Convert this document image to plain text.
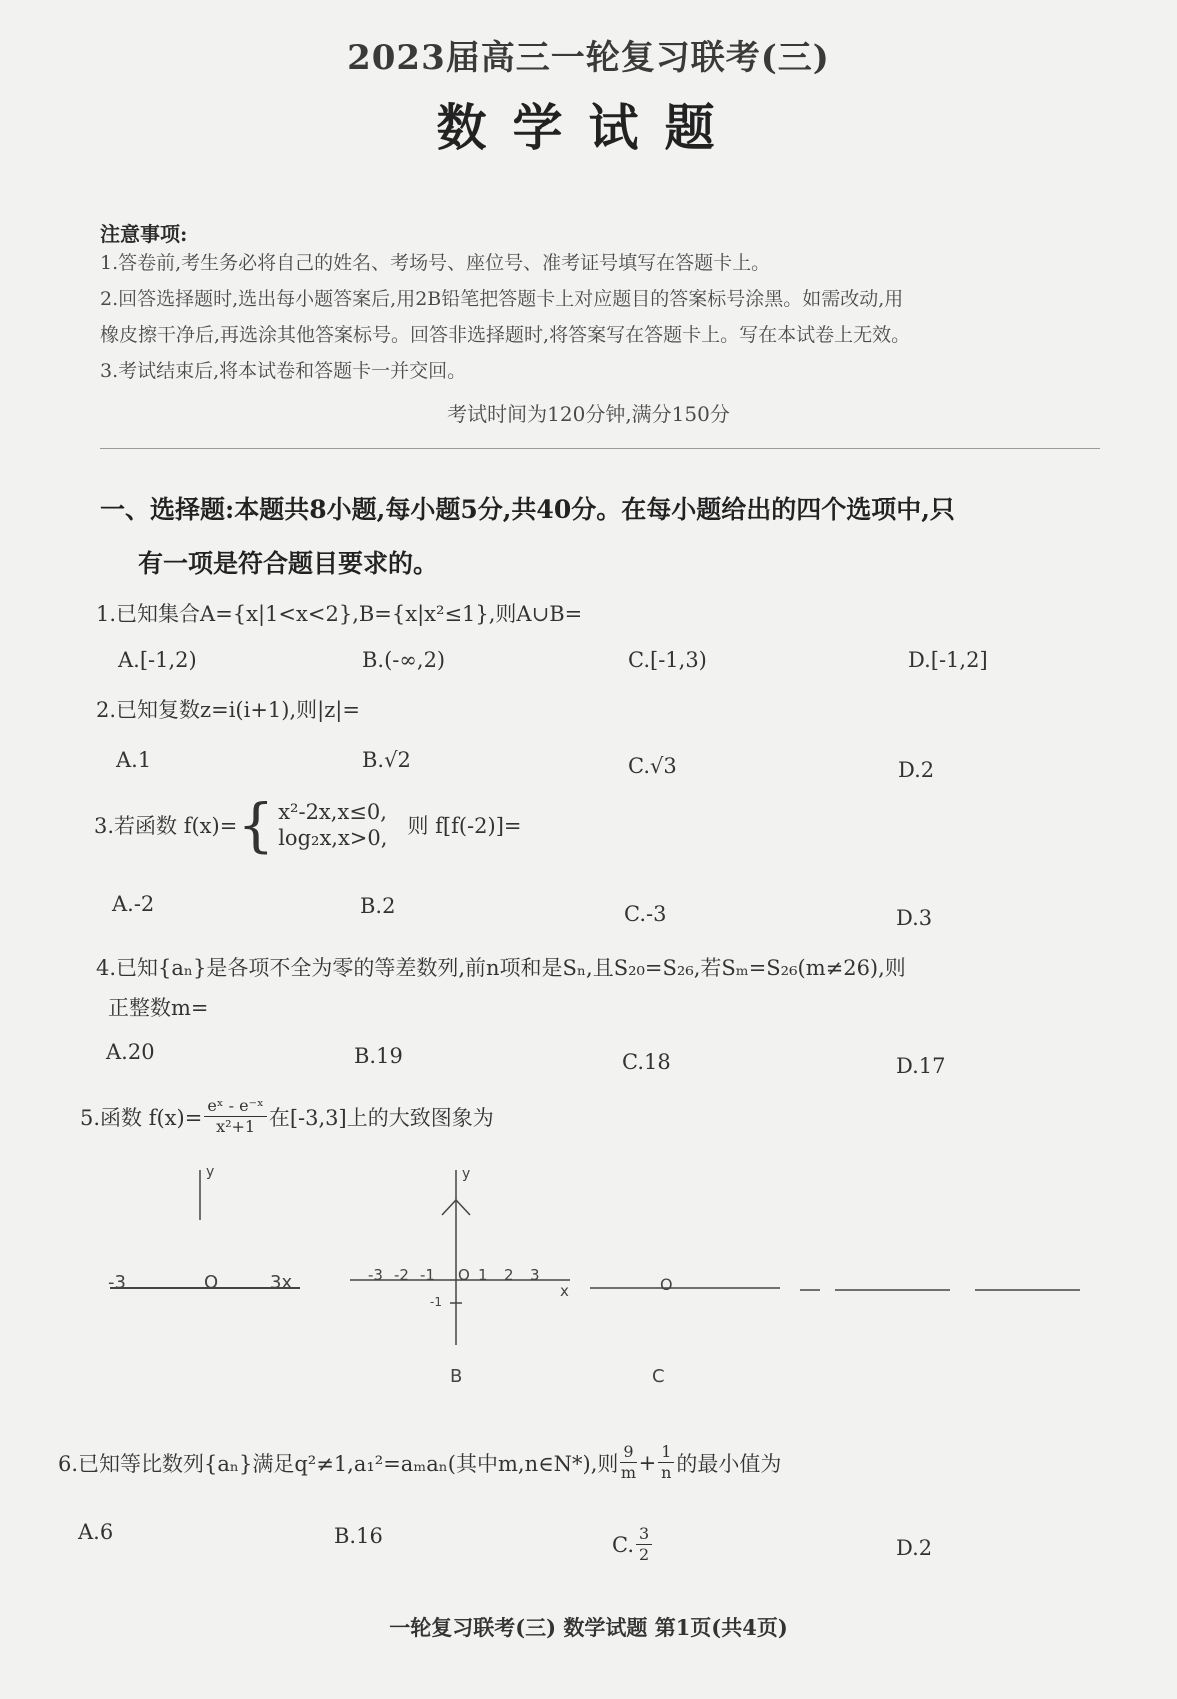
2023届高三一轮复习联考(三)
数学试题
注意事项:
1.答卷前,考生务必将自己的姓名、考场号、座位号、准考证号填写在答题卡上。
2.回答选择题时,选出每小题答案后,用2B铅笔把答题卡上对应题目的答案标号涂黑。如需改动,用
橡皮擦干净后,再选涂其他答案标号。回答非选择题时,将答案写在答题卡上。写在本试卷上无效。
3.考试结束后,将本试卷和答题卡一并交回。
考试时间为120分钟,满分150分
一、选择题:本题共8小题,每小题5分,共40分。在每小题给出的四个选项中,只
有一项是符合题目要求的。
1.已知集合A={x|1<x<2},B={x|x²≤1},则A∪B=
A.[-1,2)	B.(-∞,2)	C.[-1,3)	D.[-1,2]
2.已知复数z=i(i+1),则|z|=
A.1	B.√2	C.√3	D.2
3.若函数 f(x)= { x²-2x,x≤0,
log₂x,x>0, 则 f[f(-2)]=
A.-2	B.2	C.-3	D.3
4.已知{aₙ}是各项不全为零的等差数列,前n项和是Sₙ,且S₂₀=S₂₆,若Sₘ=S₂₆(m≠26),则
正整数m=
A.20	B.19	C.18	D.17
5.函数 $f(x)= \frac{\text{eˣ - e⁻ˣ}}{\text{x²+1}}$ 在[-3,3]上的大致图象为
y
-3	O	3x
y
-3 -2 -1 O 1 2 3
-1
x
B	C
O
6.已知等比数列{aₙ}满足q²≠1,a₁²=aₘaₙ(其中m,n∈N*),则 $\frac{9}{m} + \frac{1}{n}$ 的最小值为
A.6	B.16	C. $\frac{3}{2}$	D.2
一轮复习联考(三) 数学试题 第1页(共4页)
